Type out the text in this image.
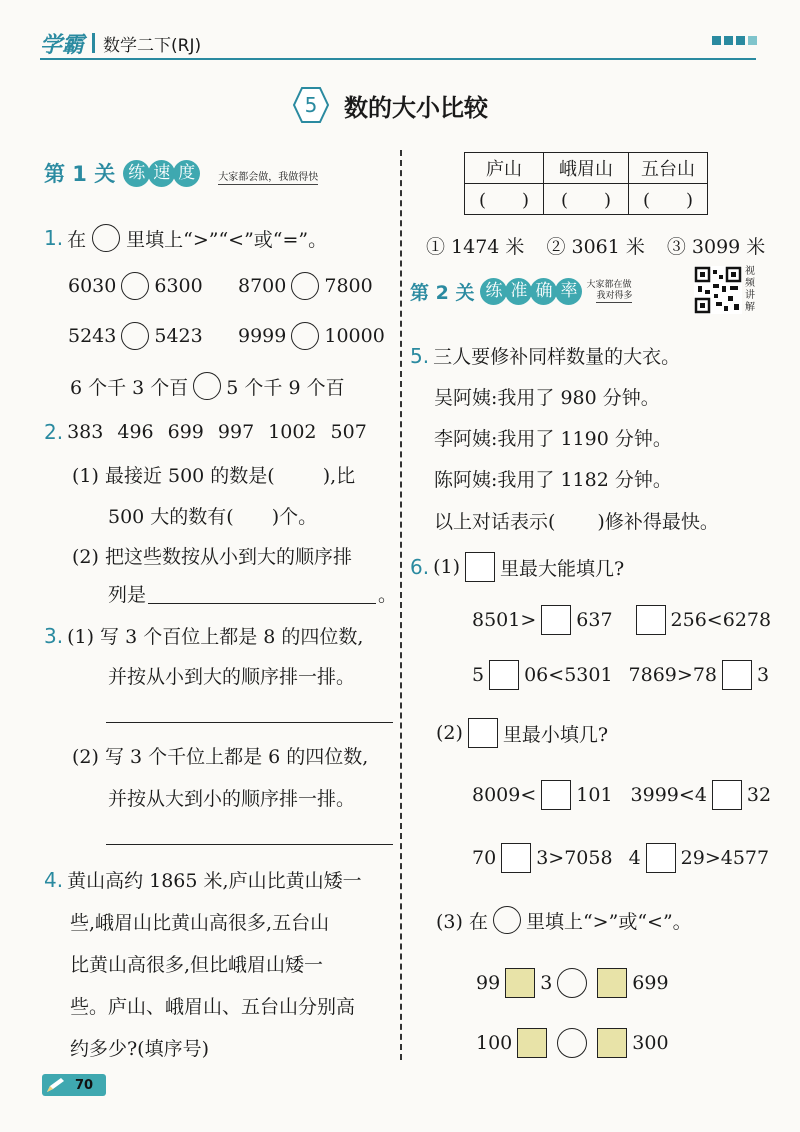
学霸 数学二下(RJ)
5 数的大小比较
第 1 关 练 速 度	大家都会做，我做得快
1. 在 里填上“>”“<”或“=”。
6030 6300 8700 7800
5243 5423 9999 10000
6 个千 3 个百 5 个千 9 个百
2. 383 496 699 997 1002 507
(1) 最接近 500 的数是(	),比
500 大的数有( )个。
(2) 把这些数按从小到大的顺序排
列是	。
3. (1) 写 3 个百位上都是 8 的四位数,
并按从小到大的顺序排一排。
(2) 写 3 个千位上都是 6 的四位数,
并按从大到小的顺序排一排。
4. 黄山高约 1865 米,庐山比黄山矮一
些,峨眉山比黄山高很多,五台山
比黄山高很多,但比峨眉山矮一
些。庐山、峨眉山、五台山分别高
约多少?(填序号)
庐山	峨眉山	五台山
(　　)	(　　)	(　　)
① 1474 米 ② 3061 米 ③ 3099 米
第 2 关 练 准 确 率	大家都在做
我对得多
视
频
讲
解
5. 三人要修补同样数量的大衣。
吴阿姨:我用了 980 分钟。
李阿姨:我用了 1190 分钟。
陈阿姨:我用了 1182 分钟。
以上对话表示( )修补得最快。
6. (1) 里最大能填几?
8501> 637	256<6278
5 06<5301 7869>78 3
(2) 里最小填几?
8009< 101 3999<4 32
70 3>7058 4 29>4577
(3) 在 里填上“>”或“<”。
99 3	699
100	300
70
